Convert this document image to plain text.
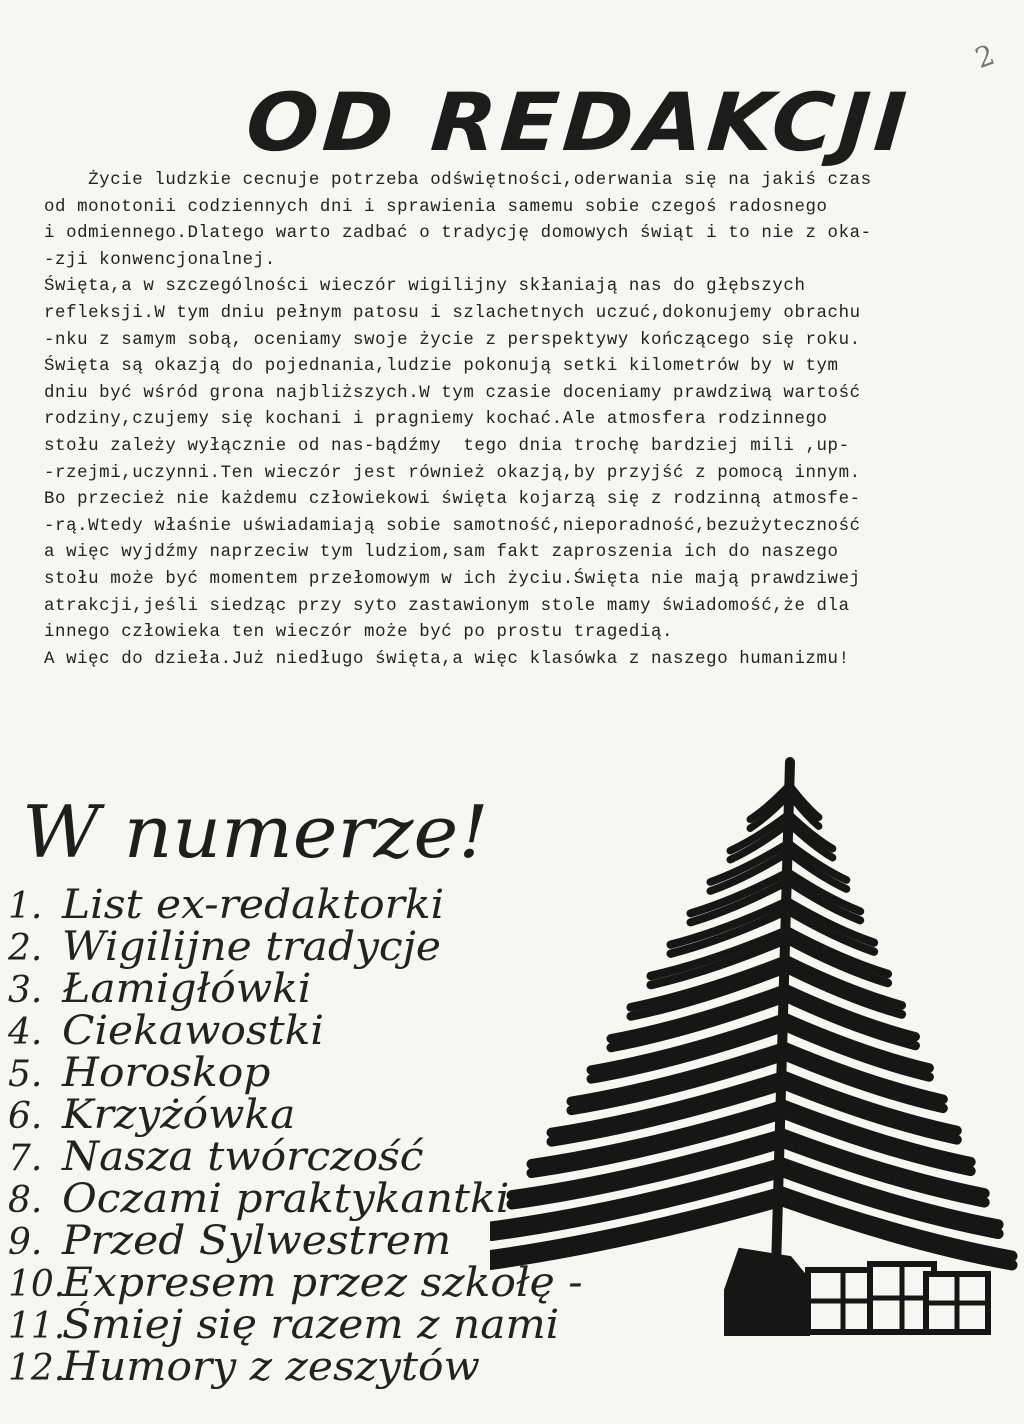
2
OD REDAKCJI
Życie ludzkie cecnuje potrzeba odświętności,oderwania się na jakiś czas
od monotonii codziennych dni i sprawienia samemu sobie czegoś radosnego
i odmiennego.Dlatego warto zadbać o tradycję domowych świąt i to nie z oka-
-zji konwencjonalnej.
Święta,a w szczególności wieczór wigilijny skłaniają nas do głębszych
refleksji.W tym dniu pełnym patosu i szlachetnych uczuć,dokonujemy obrachu
-nku z samym sobą, oceniamy swoje życie z perspektywy kończącego się roku.
Święta są okazją do pojednania,ludzie pokonują setki kilometrów by w tym
dniu być wśród grona najbliższych.W tym czasie doceniamy prawdziwą wartość
rodziny,czujemy się kochani i pragniemy kochać.Ale atmosfera rodzinnego
stołu zależy wyłącznie od nas-bądźmy  tego dnia trochę bardziej mili ,up-
-rzejmi,uczynni.Ten wieczór jest również okazją,by przyjść z pomocą innym.
Bo przecież nie każdemu człowiekowi święta kojarzą się z rodzinną atmosfe-
-rą.Wtedy właśnie uświadamiają sobie samotność,nieporadność,bezużyteczność
a więc wyjdźmy naprzeciw tym ludziom,sam fakt zaproszenia ich do naszego
stołu może być momentem przełomowym w ich życiu.Święta nie mają prawdziwej
atrakcji,jeśli siedząc przy syto zastawionym stole mamy świadomość,że dla
innego człowieka ten wieczór może być po prostu tragedią.
A więc do dzieła.Już niedługo święta,a więc klasówka z naszego humanizmu!
W numerze!
1. List ex-redaktorki
2. Wigilijne tradycje
3. Łamigłówki
4. Ciekawostki
5. Horoskop
6. Krzyżówka
7. Nasza twórczość
8. Oczami praktykantki
9. Przed Sylwestrem
10.
Expresem przez szkołę -
11.
Śmiej się razem z nami
12.
Humory z zeszytów
